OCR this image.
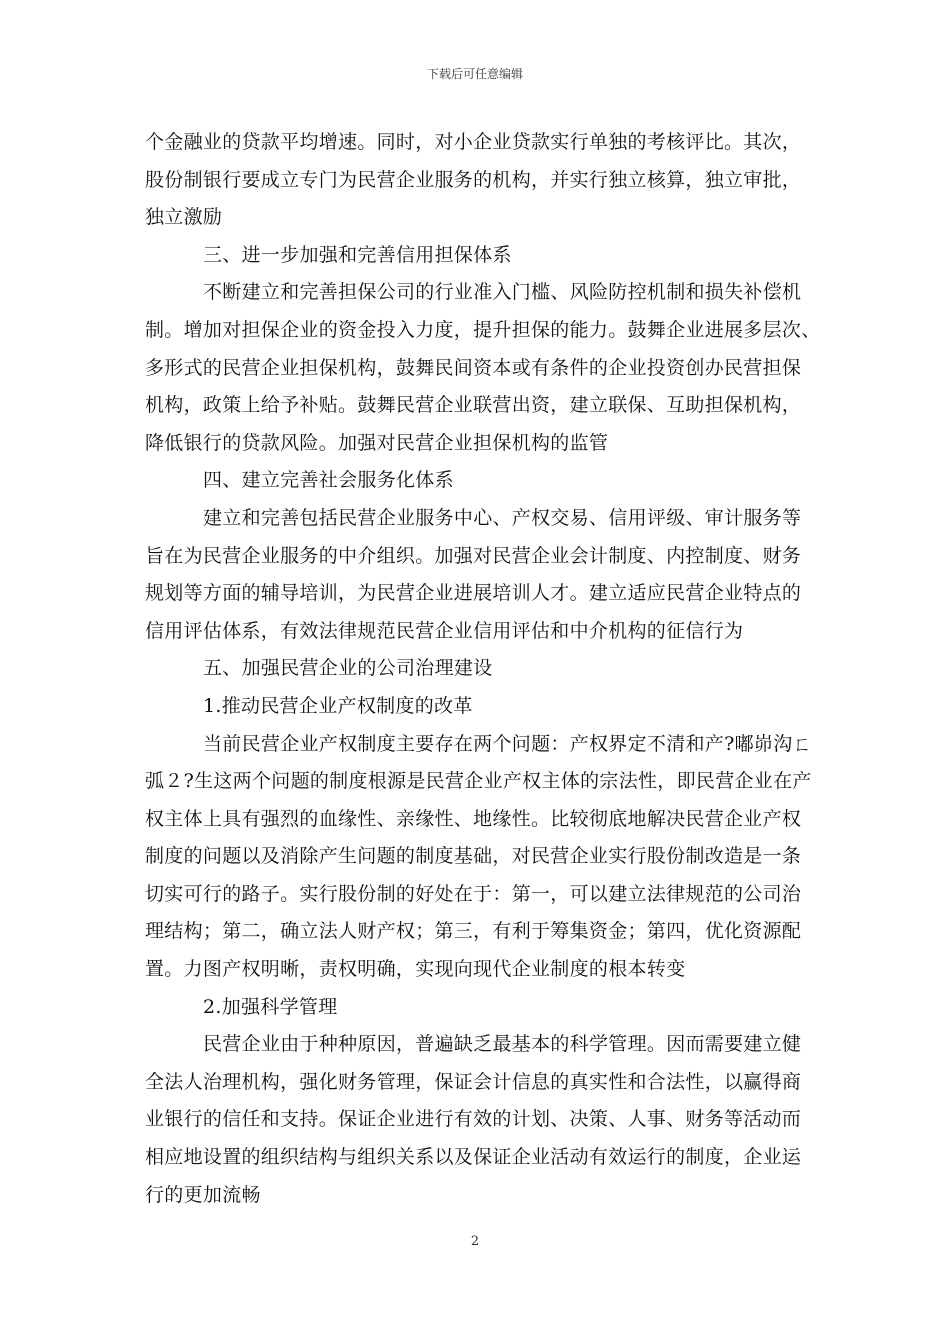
下载后可任意编辑
个金融业的贷款平均增速。同时，对小企业贷款实行单独的考核评比。其次，
股份制银行要成立专门为民营企业服务的机构，并实行独立核算，独立审批，
独立激励
三、进一步加强和完善信用担保体系
不断建立和完善担保公司的行业准入门槛、风险防控机制和损失补偿机
制。增加对担保企业的资金投入力度，提升担保的能力。鼓舞企业进展多层次、
多形式的民营企业担保机构，鼓舞民间资本或有条件的企业投资创办民营担保
机构，政策上给予补贴。鼓舞民营企业联营出资，建立联保、互助担保机构，
降低银行的贷款风险。加强对民营企业担保机构的监管
四、建立完善社会服务化体系
建立和完善包括民营企业服务中心、产权交易、信用评级、审计服务等
旨在为民营企业服务的中介组织。加强对民营企业会计制度、内控制度、财务
规划等方面的辅导培训，为民营企业进展培训人才。建立适应民营企业特点的
信用评估体系，有效法律规范民营企业信用评估和中介机构的征信行为
五、加强民营企业的公司治理建设
1.推动民营企业产权制度的改革
当前民营企业产权制度主要存在两个问题：产权界定不清和产?嘟峁沟ㄈ
弧２?生这两个问题的制度根源是民营企业产权主体的宗法性，即民营企业在产
权主体上具有强烈的血缘性、亲缘性、地缘性。比较彻底地解决民营企业产权
制度的问题以及消除产生问题的制度基础，对民营企业实行股份制改造是一条
切实可行的路子。实行股份制的好处在于：第一，可以建立法律规范的公司治
理结构；第二，确立法人财产权；第三，有利于筹集资金；第四，优化资源配
置。力图产权明晰，责权明确，实现向现代企业制度的根本转变
2.加强科学管理
民营企业由于种种原因，普遍缺乏最基本的科学管理。因而需要建立健
全法人治理机构，强化财务管理，保证会计信息的真实性和合法性，以赢得商
业银行的信任和支持。保证企业进行有效的计划、决策、人事、财务等活动而
相应地设置的组织结构与组织关系以及保证企业活动有效运行的制度，企业运
行的更加流畅
2
